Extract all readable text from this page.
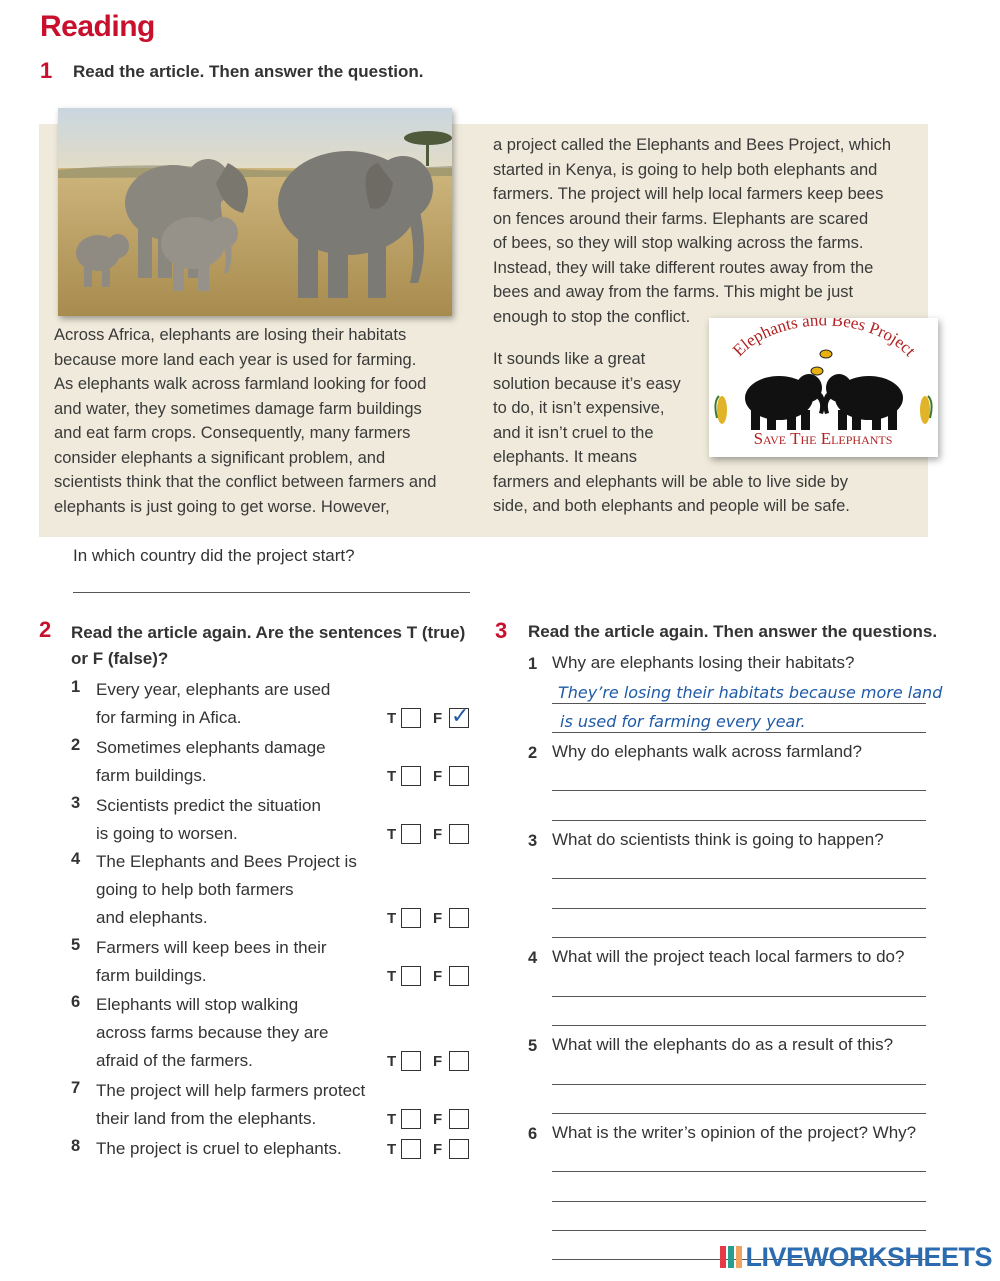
Reading
1 Read the article. Then answer the question.
Across Africa, elephants are losing their habitats
because more land each year is used for farming.
As elephants walk across farmland looking for food
and water, they sometimes damage farm buildings
and eat farm crops. Consequently, many farmers
consider elephants a significant problem, and
scientists think that the conflict between farmers and
elephants is just going to get worse. However,
a project called the Elephants and Bees Project, which
started in Kenya, is going to help both elephants and
farmers. The project will help local farmers keep bees
on fences around their farms. Elephants are scared
of bees, so they will stop walking across the farms.
Instead, they will take different routes away from the
bees and away from the farms. This might be just
enough to stop the conflict.
It sounds like a great
solution because it’s easy
to do, it isn’t expensive,
and it isn’t cruel to the
elephants. It means
farmers and elephants will be able to live side by
side, and both elephants and people will be safe.
Elephants and Bees Project
Save The Elephants
In which country did the project start?
2 Read the article again. Are the sentences T (true)
or F (false)?
1 Every year, elephants are used
for farming in Afica.	T F ✓
2 Sometimes elephants damage
farm buildings.	T F
3 Scientists predict the situation
is going to worsen.	T F
4 The Elephants and Bees Project is
going to help both farmers
and elephants.	T F
5 Farmers will keep bees in their
farm buildings.	T F
6 Elephants will stop walking
across farms because they are
afraid of the farmers.	T F
7 The project will help farmers protect
their land from the elephants.	T F
8 The project is cruel to elephants.	T F
3 Read the article again. Then answer the questions.
1 Why are elephants losing their habitats?
They’re losing their habitats because more land
is used for farming every year.
2 Why do elephants walk across farmland?
3 What do scientists think is going to happen?
4 What will the project teach local farmers to do?
5 What will the elephants do as a result of this?
6 What is the writer’s opinion of the project? Why?
LIVEWORKSHEETS
